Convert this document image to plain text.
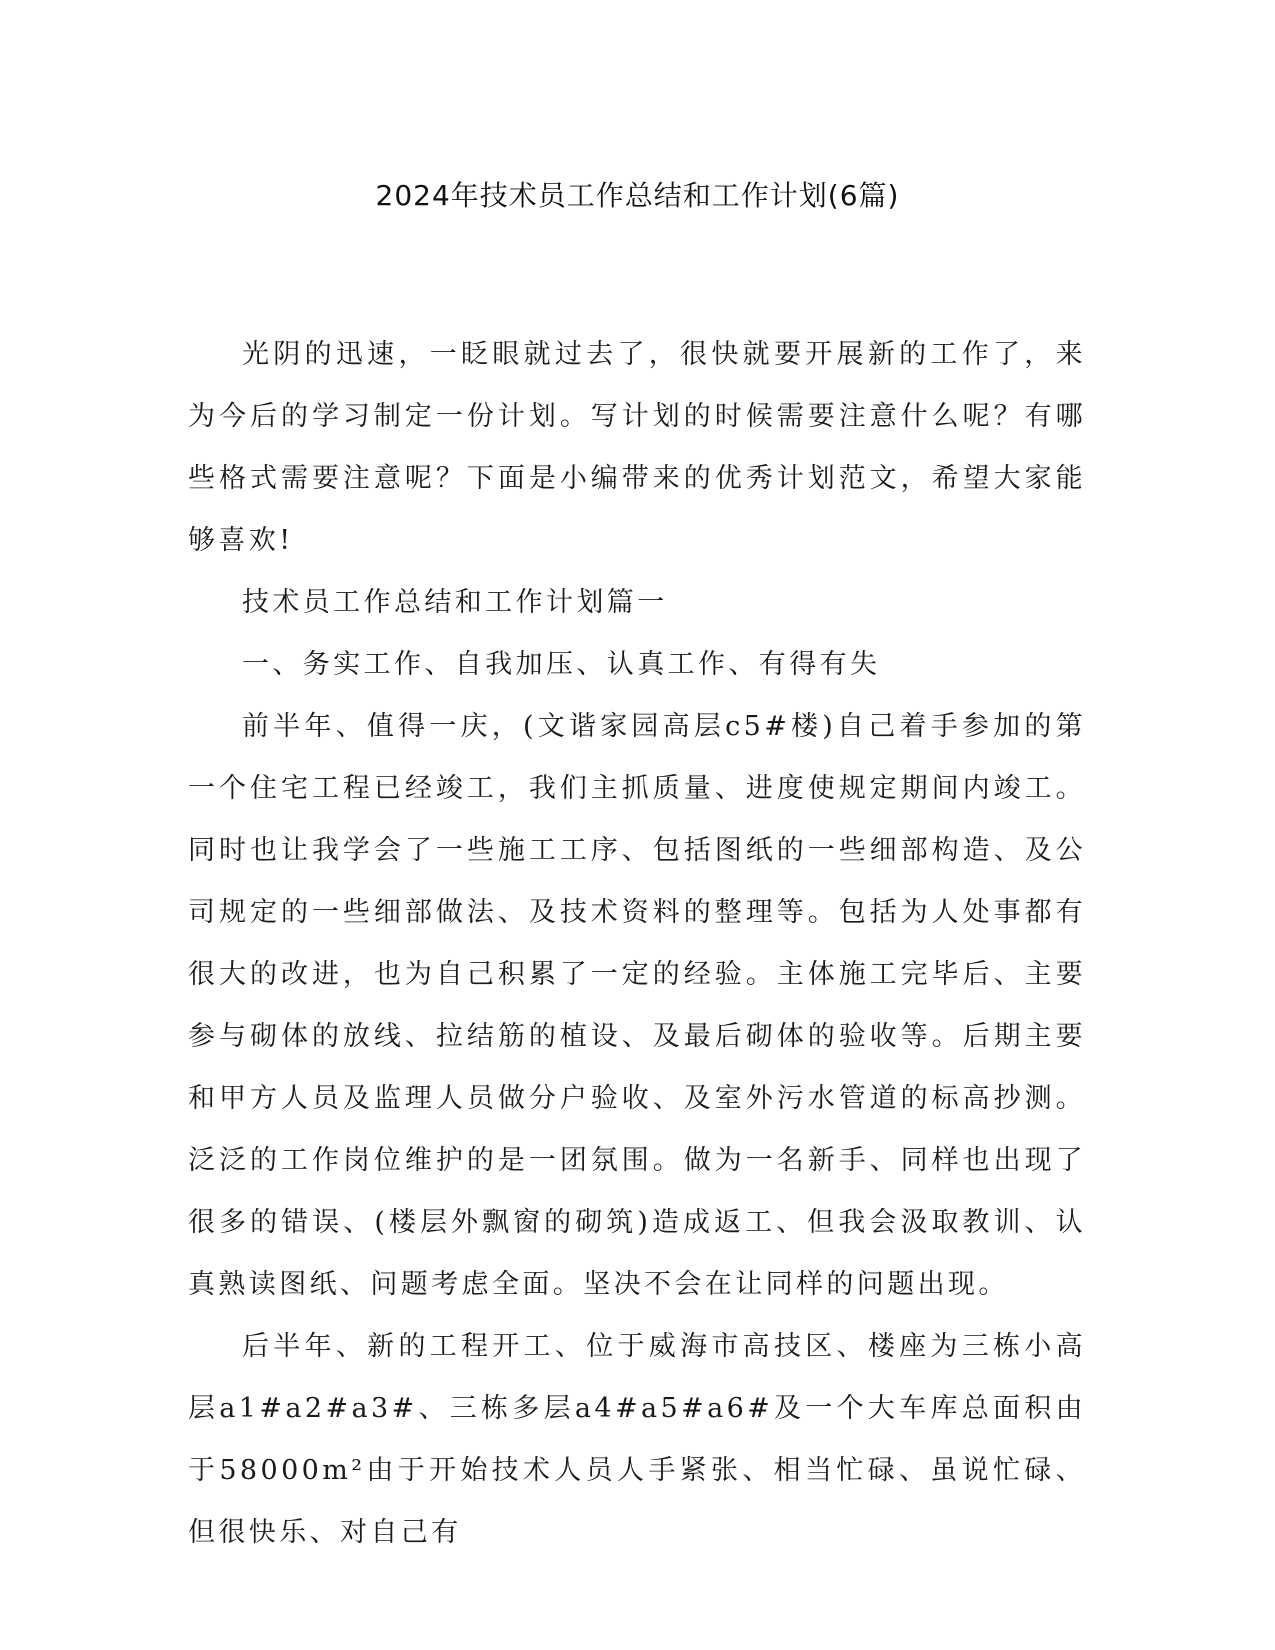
2024年技术员工作总结和工作计划(6篇)

光阴的迅速，一眨眼就过去了，很快就要开展新的工作了，来为今后的学习制定一份计划。写计划的时候需要注意什么呢？有哪些格式需要注意呢？下面是小编带来的优秀计划范文，希望大家能够喜欢!

技术员工作总结和工作计划篇一

一、务实工作、自我加压、认真工作、有得有失

前半年、值得一庆，(文谐家园高层c5#楼)自己着手参加的第一个住宅工程已经竣工，我们主抓质量、进度使规定期间内竣工。同时也让我学会了一些施工工序、包括图纸的一些细部构造、及公司规定的一些细部做法、及技术资料的整理等。包括为人处事都有很大的改进，也为自己积累了一定的经验。主体施工完毕后、主要参与砌体的放线、拉结筋的植设、及最后砌体的验收等。后期主要和甲方人员及监理人员做分户验收、及室外污水管道的标高抄测。泛泛的工作岗位维护的是一团氛围。做为一名新手、同样也出现了很多的错误、(楼层外飘窗的砌筑)造成返工、但我会汲取教训、认真熟读图纸、问题考虑全面。坚决不会在让同样的问题出现。

后半年、新的工程开工、位于威海市高技区、楼座为三栋小高层a1#a2#a3#、三栋多层a4#a5#a6#及一个大车库总面积由于58000m²由于开始技术人员人手紧张、相当忙碌、虽说忙碌、但很快乐、对自己有
